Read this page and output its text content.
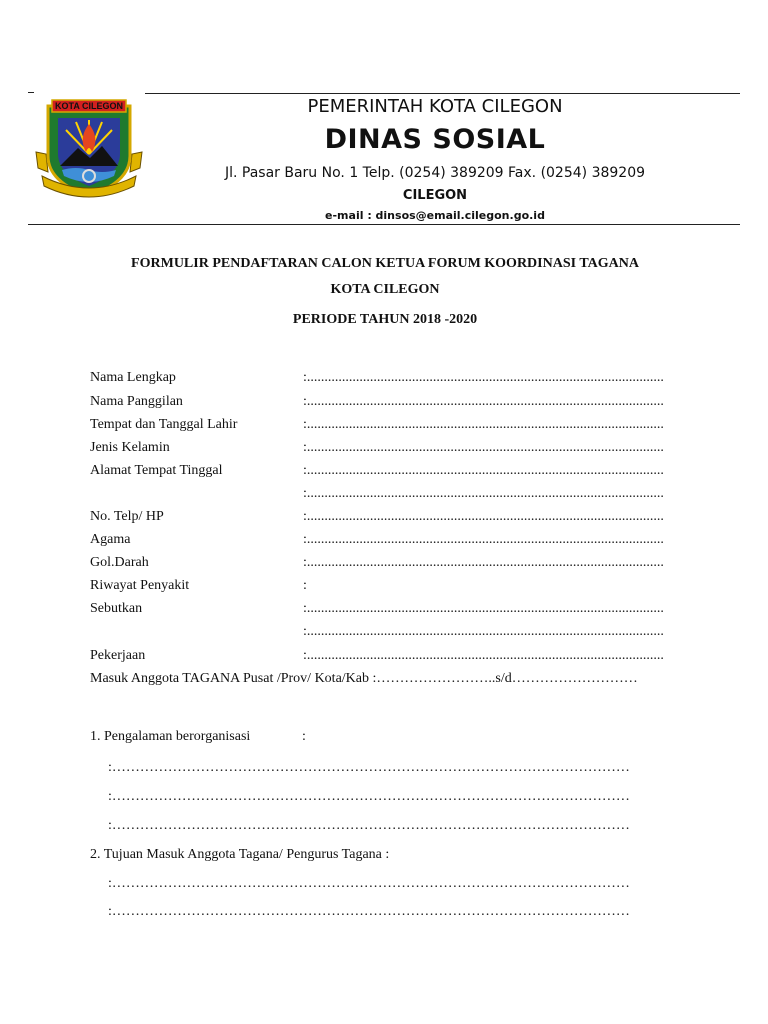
KOTA CILEGON	PEMERINTAH KOTA CILEGON
DINAS SOSIAL
Jl. Pasar Baru No. 1 Telp. (0254) 389209 Fax. (0254) 389209
CILEGON
e-mail : dinsos@email.cilegon.go.id
FORMULIR PENDAFTARAN CALON KETUA FORUM KOORDINASI TAGANA
KOTA CILEGON
PERIODE TAHUN 2018 -2020
Nama Lengkap	:......................................................................................................
Nama Panggilan	:......................................................................................................
Tempat dan Tanggal Lahir	:......................................................................................................
Jenis Kelamin	:......................................................................................................
Alamat Tempat Tinggal	:......................................................................................................
:......................................................................................................
No. Telp/ HP	:......................................................................................................
Agama	:......................................................................................................
Gol.Darah	:......................................................................................................
Riwayat Penyakit	:
Sebutkan	:......................................................................................................
:......................................................................................................
Pekerjaan	:......................................................................................................
Masuk Anggota TAGANA Pusat /Prov/ Kota/Kab :……………………..s/d………………………
1. Pengalaman berorganisasi	:
:…………………………………………………………………………………………………
:…………………………………………………………………………………………………
:…………………………………………………………………………………………………
2. Tujuan Masuk Anggota Tagana/ Pengurus Tagana :
:…………………………………………………………………………………………………
:…………………………………………………………………………………………………
